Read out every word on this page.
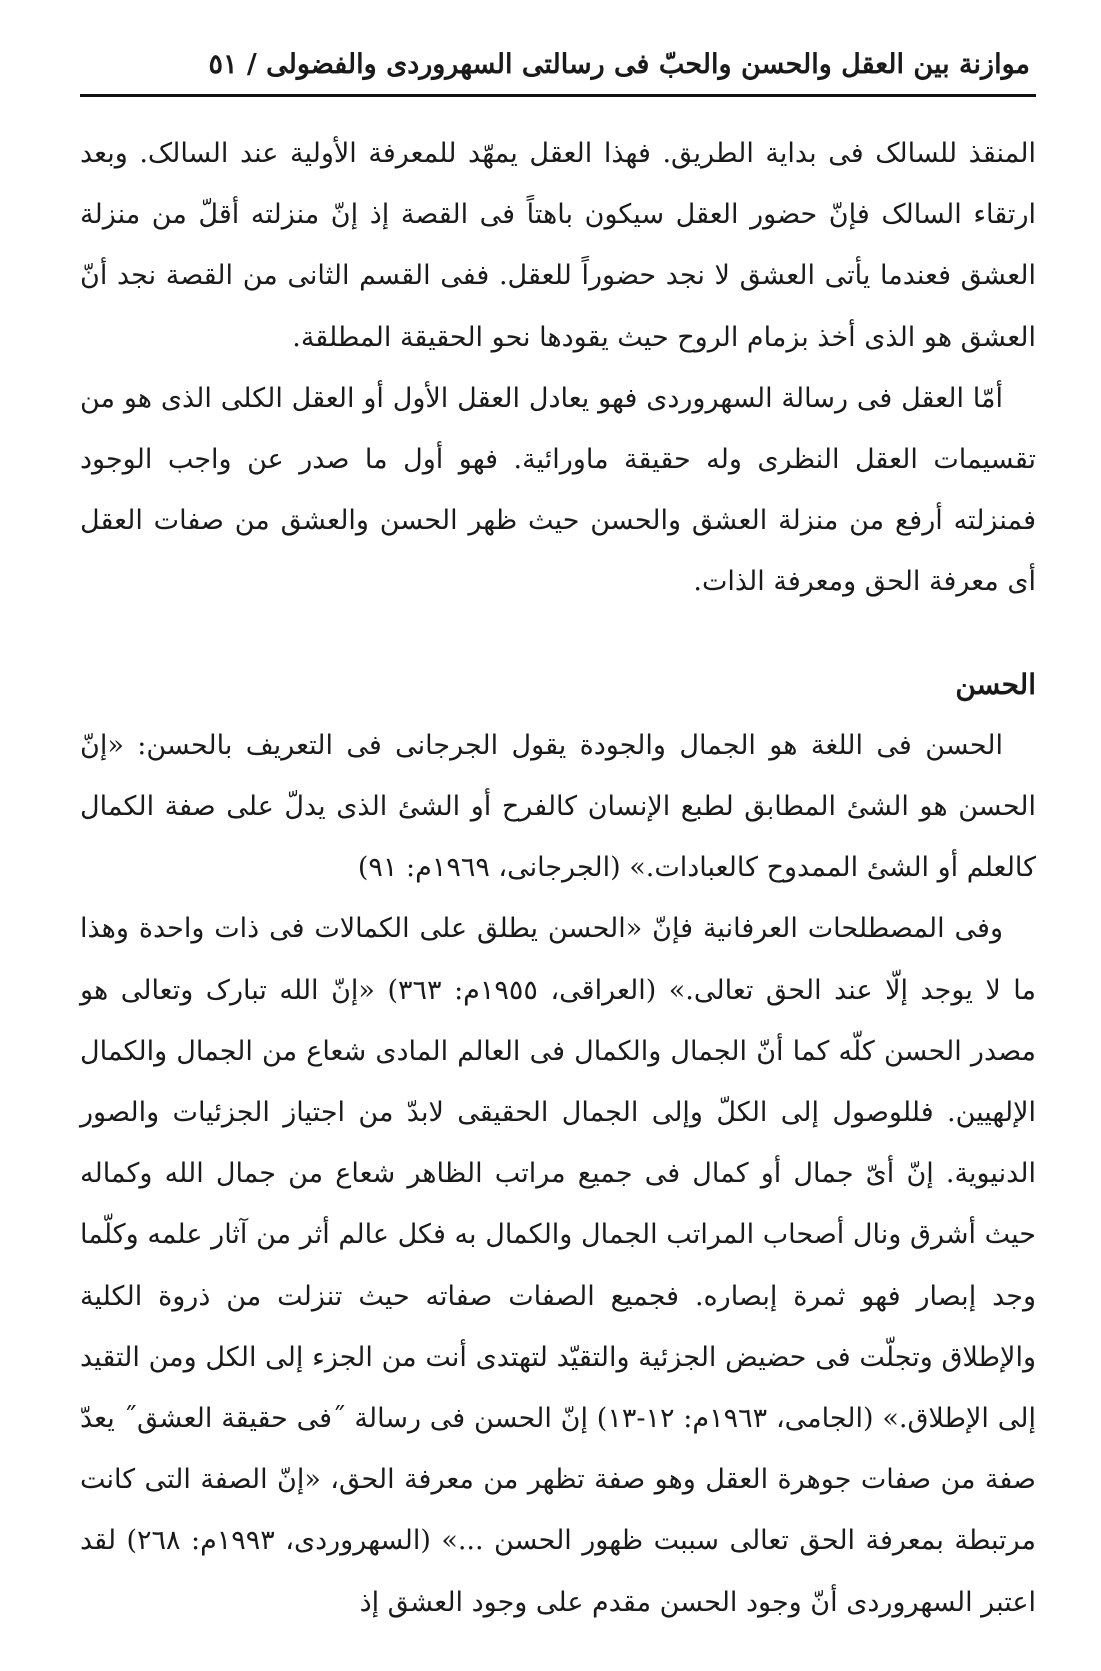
موازنة بين العقل والحسن والحبّ فى رسالتى السهروردى والفضولى / ٥١

المنقذ للسالک فى بداية الطريق. فهذا العقل يمهّد للمعرفة الأولية عند السالک. وبعد ارتقاء السالک فإنّ حضور العقل سيكون باهتاً فى القصة إذ إنّ منزلته أقلّ من منزلة العشق فعندما يأتى العشق لا نجد حضوراً للعقل. ففى القسم الثانى من القصة نجد أنّ العشق هو الذى أخذ بزمام الروح حيث يقودها نحو الحقيقة المطلقة.

أمّا العقل فى رسالة السهروردى فهو يعادل العقل الأول أو العقل الكلى الذى هو من تقسيمات العقل النظرى وله حقيقة ماورائية. فهو أول ما صدر عن واجب الوجود فمنزلته أرفع من منزلة العشق والحسن حيث ظهر الحسن والعشق من صفات العقل أى معرفة الحق ومعرفة الذات.

الحسن

الحسن فى اللغة هو الجمال والجودة يقول الجرجانى فى التعريف بالحسن: «إنّ الحسن هو الشئ المطابق لطبع الإنسان كالفرح أو الشئ الذى يدلّ على صفة الكمال كالعلم أو الشئ الممدوح كالعبادات.» (الجرجانى، ١٩٦٩م: ٩١)

وفى المصطلحات العرفانية فإنّ «الحسن يطلق على الكمالات فى ذات واحدة وهذا ما لا يوجد إلّا عند الحق تعالى.» (العراقى، ١٩٥٥م: ٣٦٣) «إنّ الله تبارک وتعالى هو مصدر الحسن كلّه كما أنّ الجمال والكمال فى العالم المادى شعاع من الجمال والكمال الإلهيين. فللوصول إلى الكلّ وإلى الجمال الحقيقى لابدّ من اجتياز الجزئيات والصور الدنيوية. إنّ أىّ جمال أو كمال فى جميع مراتب الظاهر شعاع من جمال الله وكماله حيث أشرق ونال أصحاب المراتب الجمال والكمال به فكل عالم أثر من آثار علمه وكلّما وجد إبصار فهو ثمرة إبصاره. فجميع الصفات صفاته حيث تنزلت من ذروة الكلية والإطلاق وتجلّت فى حضيض الجزئية والتقيّد لتهتدى أنت من الجزء إلى الكل ومن التقيد إلى الإطلاق.» (الجامى، ١٩٦٣م: ١٢-١٣) إنّ الحسن فى رسالة ˝فى حقيقة العشق˝ يعدّ صفة من صفات جوهرة العقل وهو صفة تظهر من معرفة الحق، «إنّ الصفة التى كانت مرتبطة بمعرفة الحق تعالى سببت ظهور الحسن ...» (السهروردى، ١٩٩٣م: ٢٦٨) لقد اعتبر السهروردى أنّ وجود الحسن مقدم على وجود العشق إذ
